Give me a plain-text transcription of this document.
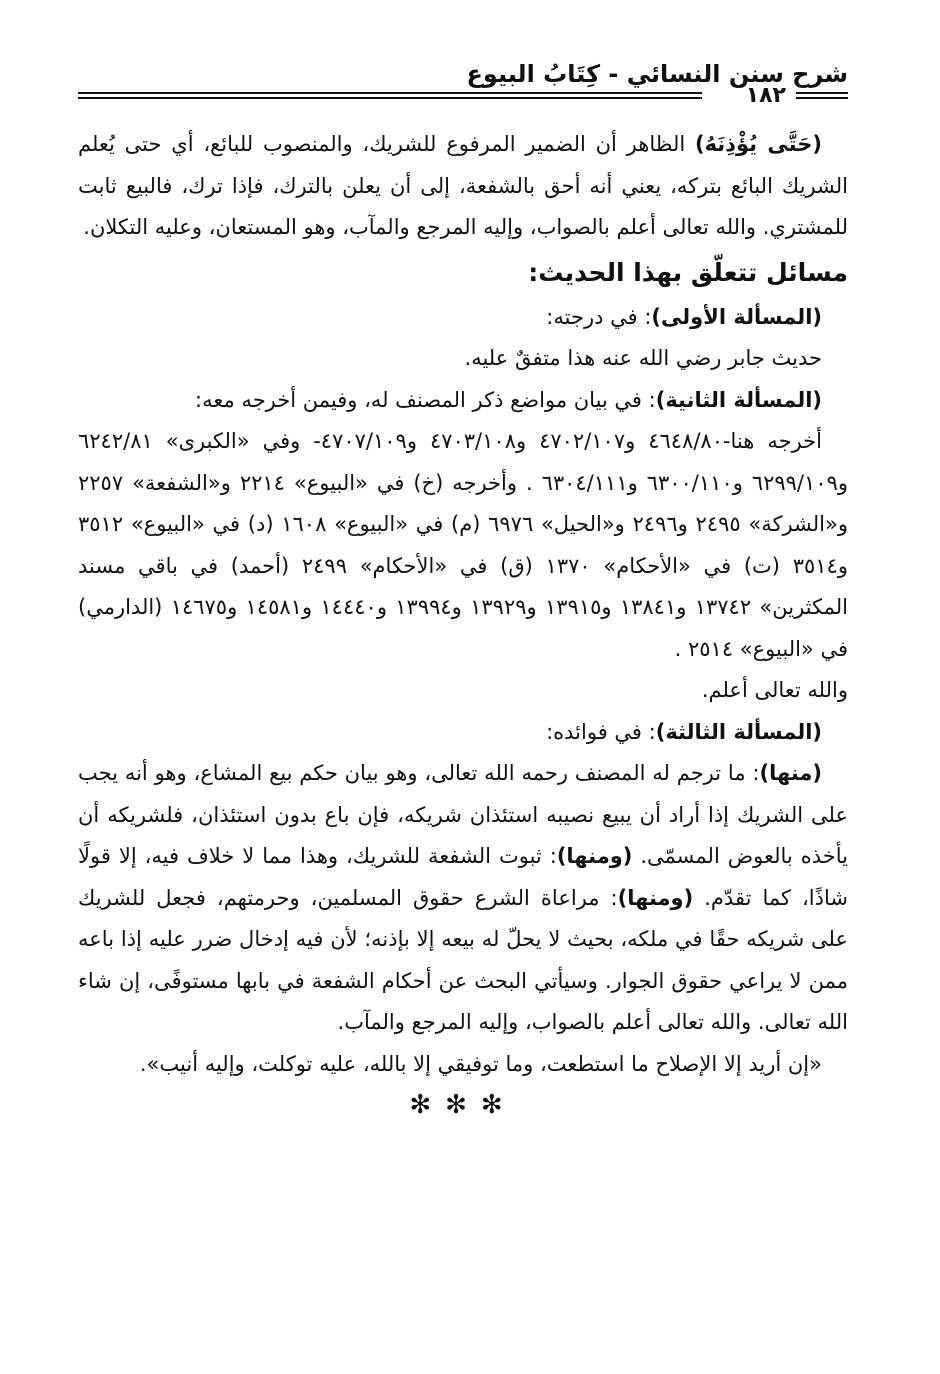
شرح سنن النسائي - كِتَابُ البيوع
١٨٢

(حَتَّى يُؤْذِنَهُ) الظاهر أن الضمير المرفوع للشريك، والمنصوب للبائع، أي حتى يُعلم الشريك البائع بتركه، يعني أنه أحق بالشفعة، إلى أن يعلن بالترك، فإذا ترك، فالبيع ثابت للمشتري. والله تعالى أعلم بالصواب، وإليه المرجع والمآب، وهو المستعان، وعليه التكلان.

مسائل تتعلّق بهذا الحديث:

(المسألة الأولى): في درجته:

حديث جابر رضي الله عنه هذا متفقٌ عليه.

(المسألة الثانية): في بيان مواضع ذكر المصنف له، وفيمن أخرجه معه:

أخرجه هنا-٤٦٤٨/٨٠ و٤٧٠٢/١٠٧ و٤٧٠٣/١٠٨ و٤٧٠٧/١٠٩- وفي «الكبرى» ٦٢٤٢/٨١ و٦٢٩٩/١٠٩ و٦٣٠٠/١١٠ و٦٣٠٤/١١١ . وأخرجه (خ) في «البيوع» ٢٢١٤ و«الشفعة» ٢٢٥٧ و«الشركة» ٢٤٩٥ و٢٤٩٦ و«الحيل» ٦٩٧٦ (م) في «البيوع» ١٦٠٨ (د) في «البيوع» ٣٥١٢ و٣٥١٤ (ت) في «الأحكام» ١٣٧٠ (ق) في «الأحكام» ٢٤٩٩ (أحمد) في باقي مسند المكثرين» ١٣٧٤٢ و١٣٨٤١ و١٣٩١٥ و١٣٩٢٩ و١٣٩٩٤ و١٤٤٤٠ و١٤٥٨١ و١٤٦٧٥ (الدارمي) في «البيوع» ٢٥١٤ .

والله تعالى أعلم.

(المسألة الثالثة): في فوائده:

(منها): ما ترجم له المصنف رحمه الله تعالى، وهو بيان حكم بيع المشاع، وهو أنه يجب على الشريك إذا أراد أن يبيع نصيبه استئذان شريكه، فإن باع بدون استئذان، فلشريكه أن يأخذه بالعوض المسمّى. (ومنها): ثبوت الشفعة للشريك، وهذا مما لا خلاف فيه، إلا قولًا شاذًا، كما تقدّم. (ومنها): مراعاة الشرع حقوق المسلمين، وحرمتهم، فجعل للشريك على شريكه حقًا في ملكه، بحيث لا يحلّ له بيعه إلا بإذنه؛ لأن فيه إدخال ضرر عليه إذا باعه ممن لا يراعي حقوق الجوار. وسيأتي البحث عن أحكام الشفعة في بابها مستوفًى، إن شاء الله تعالى. والله تعالى أعلم بالصواب، وإليه المرجع والمآب.

«إن أريد إلا الإصلاح ما استطعت، وما توفيقي إلا بالله، عليه توكلت، وإليه أنيب».

✻✻✻
